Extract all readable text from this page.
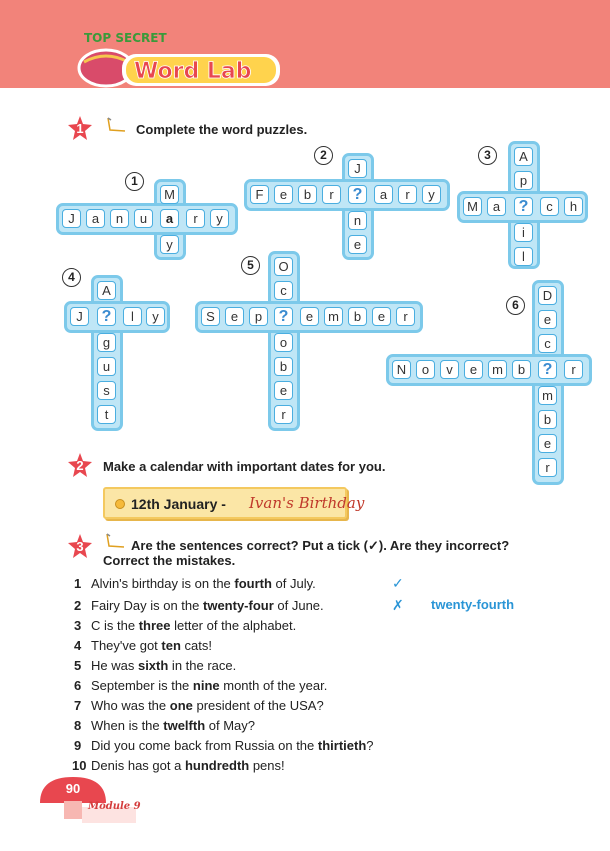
TOP SECRET
Word Lab
1	Complete the word puzzles.
1
J	a	n	u	a	r	y
M
y
2
F	e	b	r	?	a	r	y
J
n
e
3
M	a	?	c	h
A
p
i
l
4
J	?	l	y
A
g
u
s
t
5
S	e	p	?	e	m	b	e	r
O
c
o
b
e
r
6
N	o	v	e	m	b	?	r
D
e
c
m
b
e
r
2	Make a calendar with important dates for you.
12th January - Ivan's Birthday
3	Are the sentences correct? Put a tick (✓). Are they incorrect?
Correct the mistakes.
1 Alvin's birthday is on the fourth of July.
2 Fairy Day is on the twenty-four of June.
3 C is the three letter of the alphabet.
4 They've got ten cats!
5 He was sixth in the race.
6 September is the nine month of the year.
7 Who was the one president of the USA?
8 When is the twelfth of May?
9 Did you come back from Russia on the thirtieth?
10 Denis has got a hundredth pens!
✓
✗ twenty-fourth
90
Module 9
